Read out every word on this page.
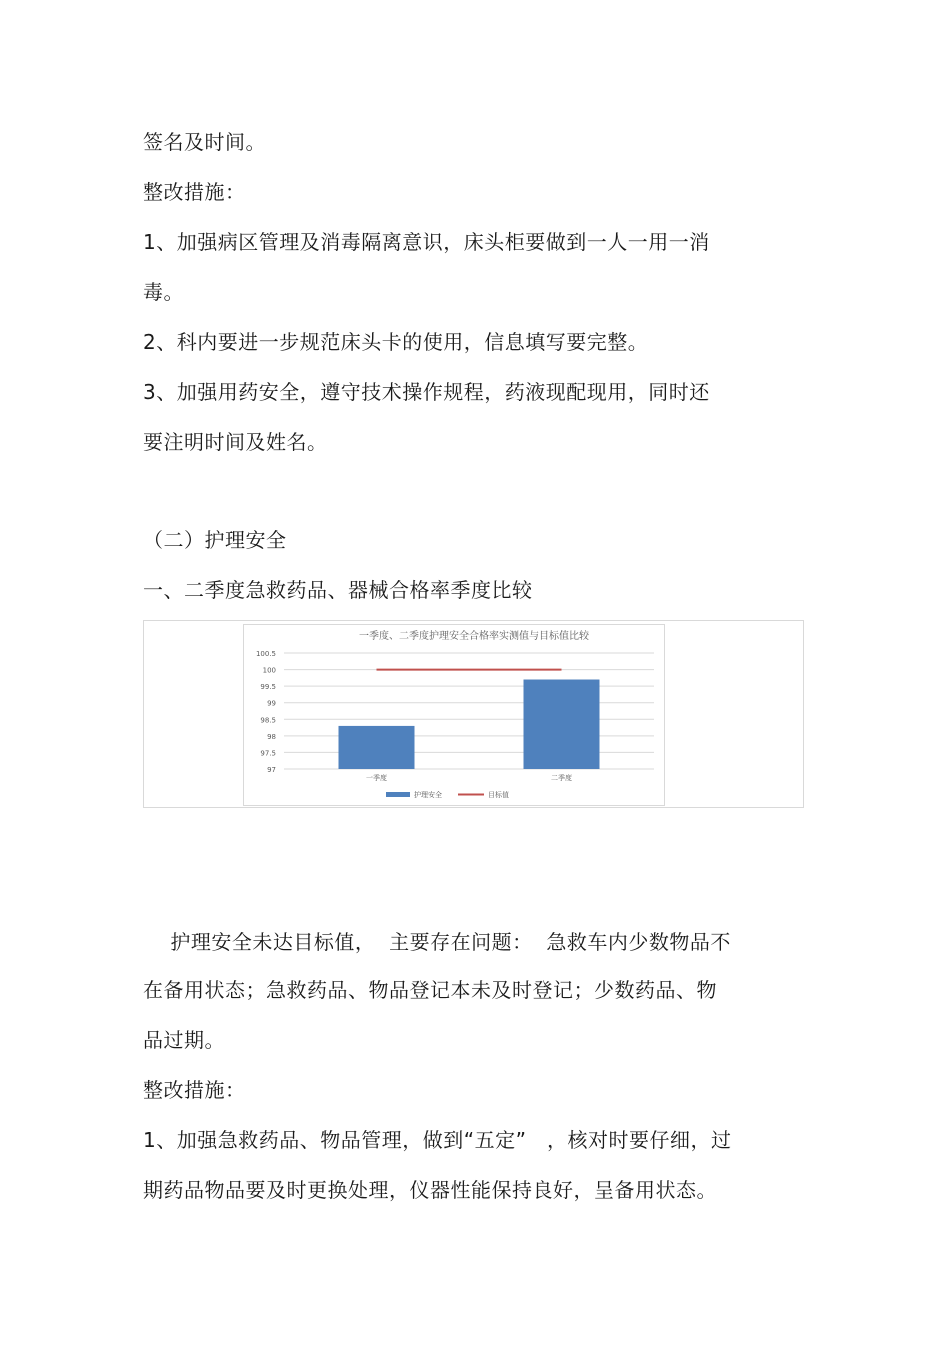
签名及时间。
整改措施：
1、加强病区管理及消毒隔离意识，床头柜要做到一人一用一消
毒。
2、科内要进一步规范床头卡的使用，信息填写要完整。
3、加强用药安全，遵守技术操作规程，药液现配现用，同时还
要注明时间及姓名。
（二）护理安全
一、二季度急救药品、器械合格率季度比较
一季度、二季度护理安全合格率实测值与目标值比较
97
97.5
98
98.5
99
99.5
100
100.5
一季度	二季度
护理安全	目标值
护理安全未达目标值，  主要存在问题：  急救车内少数物品不
在备用状态；急救药品、物品登记本未及时登记；少数药品、物
品过期。
整改措施：
1、加强急救药品、物品管理，做到“五定”   ，核对时要仔细，过
期药品物品要及时更换处理，仪器性能保持良好，呈备用状态。
